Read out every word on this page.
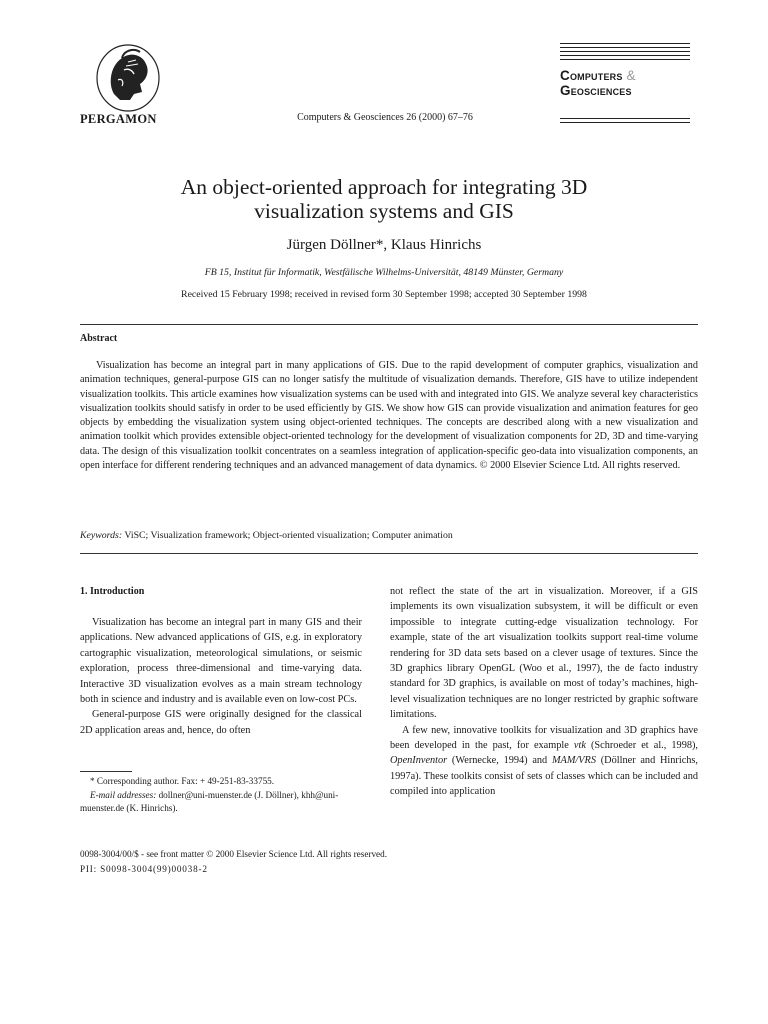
PERGAMON	Computers & Geosciences 26 (2000) 67–76
Computers &
Geosciences
An object-oriented approach for integrating 3D
visualization systems and GIS
Jürgen Döllner*, Klaus Hinrichs
FB 15, Institut für Informatik, Westfälische Wilhelms-Universität, 48149 Münster, Germany
Received 15 February 1998; received in revised form 30 September 1998; accepted 30 September 1998
Abstract
Visualization has become an integral part in many applications of GIS. Due to the rapid development of computer graphics, visualization and animation techniques, general-purpose GIS can no longer satisfy the multitude of visualization demands. Therefore, GIS have to utilize independent visualization toolkits. This article examines how visualization systems can be used with and integrated into GIS. We analyze several key characteristics visualization toolkits should satisfy in order to be used efficiently by GIS. We show how GIS can provide visualization and animation features for geo objects by embedding the visualization system using object-oriented techniques. The concepts are described along with a new visualization and animation toolkit which provides extensible object-oriented technology for the development of visualization components for 2D, 3D and time-varying data. The design of this visualization toolkit concentrates on a seamless integration of application-specific geo-data into visualization components, an open interface for different rendering techniques and an advanced management of data dynamics. © 2000 Elsevier Science Ltd. All rights reserved.
Keywords: ViSC; Visualization framework; Object-oriented visualization; Computer animation
1. Introduction

Visualization has become an integral part in many GIS and their applications. New advanced applications of GIS, e.g. in exploratory cartographic visualization, meteorological simulations, or seismic exploration, process three-dimensional and time-varying data. Interactive 3D visualization evolves as a main stream technology both in science and industry and is available even on low-cost PCs.

General-purpose GIS were originally designed for the classical 2D application areas and, hence, do often

not reflect the state of the art in visualization. Moreover, if a GIS implements its own visualization subsystem, it will be difficult or even impossible to integrate cutting-edge visualization technology. For example, state of the art visualization toolkits support real-time volume rendering for 3D data sets based on a clever usage of textures. Since the 3D graphics library OpenGL (Woo et al., 1997), the de facto industry standard for 3D graphics, is available on most of today’s machines, high-level visualization techniques are no longer restricted by graphic software limitations.

A few new, innovative toolkits for visualization and 3D graphics have been developed in the past, for example vtk (Schroeder et al., 1998), OpenInventor (Wernecke, 1994) and MAM/VRS (Döllner and Hinrichs, 1997a). These toolkits consist of sets of classes which can be included and compiled into application

* Corresponding author. Fax: + 49-251-83-33755.
E-mail addresses: dollner@uni-muenster.de (J. Döllner), khh@uni-muenster.de (K. Hinrichs).
0098-3004/00/$ - see front matter © 2000 Elsevier Science Ltd. All rights reserved.
PII: S0098-3004(99)00038-2
